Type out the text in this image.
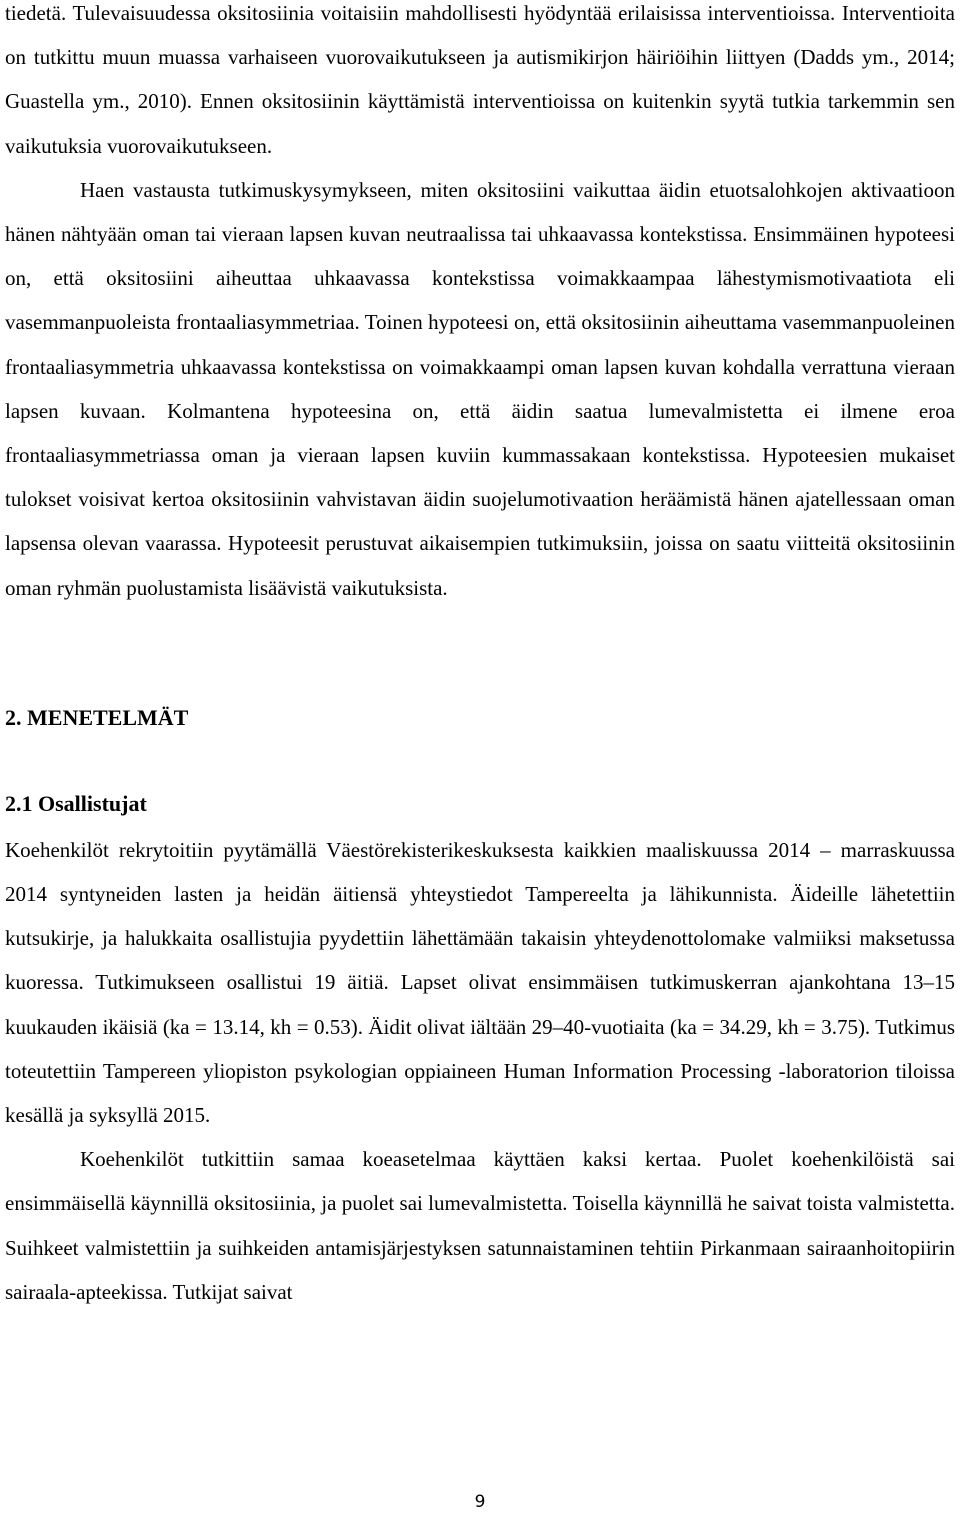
tiedetä. Tulevaisuudessa oksitosiinia voitaisiin mahdollisesti hyödyntää erilaisissa interventioissa. Interventioita on tutkittu muun muassa varhaiseen vuorovaikutukseen ja autismikirjon häiriöihin liittyen (Dadds ym., 2014; Guastella ym., 2010). Ennen oksitosiinin käyttämistä interventioissa on kuitenkin syytä tutkia tarkemmin sen vaikutuksia vuorovaikutukseen.

Haen vastausta tutkimuskysymykseen, miten oksitosiini vaikuttaa äidin etuotsalohkojen aktivaatioon hänen nähtyään oman tai vieraan lapsen kuvan neutraalissa tai uhkaavassa kontekstissa. Ensimmäinen hypoteesi on, että oksitosiini aiheuttaa uhkaavassa kontekstissa voimakkaampaa lähestymismotivaatiota eli vasemmanpuoleista frontaaliasymmetriaa. Toinen hypoteesi on, että oksitosiinin aiheuttama vasemmanpuoleinen frontaaliasymmetria uhkaavassa kontekstissa on voimakkaampi oman lapsen kuvan kohdalla verrattuna vieraan lapsen kuvaan. Kolmantena hypoteesina on, että äidin saatua lumevalmistetta ei ilmene eroa frontaaliasymmetriassa oman ja vieraan lapsen kuviin kummassakaan kontekstissa. Hypoteesien mukaiset tulokset voisivat kertoa oksitosiinin vahvistavan äidin suojelumotivaation heräämistä hänen ajatellessaan oman lapsensa olevan vaarassa. Hypoteesit perustuvat aikaisempien tutkimuksiin, joissa on saatu viitteitä oksitosiinin oman ryhmän puolustamista lisäävistä vaikutuksista.

2. MENETELMÄT
2.1 Osallistujat

Koehenkilöt rekrytoitiin pyytämällä Väestörekisterikeskuksesta kaikkien maaliskuussa 2014 – marraskuussa 2014 syntyneiden lasten ja heidän äitiensä yhteystiedot Tampereelta ja lähikunnista. Äideille lähetettiin kutsukirje, ja halukkaita osallistujia pyydettiin lähettämään takaisin yhteydenottolomake valmiiksi maksetussa kuoressa. Tutkimukseen osallistui 19 äitiä. Lapset olivat ensimmäisen tutkimuskerran ajankohtana 13–15 kuukauden ikäisiä (ka = 13.14, kh = 0.53). Äidit olivat iältään 29–40-vuotiaita (ka = 34.29, kh = 3.75). Tutkimus toteutettiin Tampereen yliopiston psykologian oppiaineen Human Information Processing -laboratorion tiloissa kesällä ja syksyllä 2015.

Koehenkilöt tutkittiin samaa koeasetelmaa käyttäen kaksi kertaa. Puolet koehenkilöistä sai ensimmäisellä käynnillä oksitosiinia, ja puolet sai lumevalmistetta. Toisella käynnillä he saivat toista valmistetta. Suihkeet valmistettiin ja suihkeiden antamisjärjestyksen satunnaistaminen tehtiin Pirkanmaan sairaanhoitopiirin sairaala-apteekissa. Tutkijat saivat

9
